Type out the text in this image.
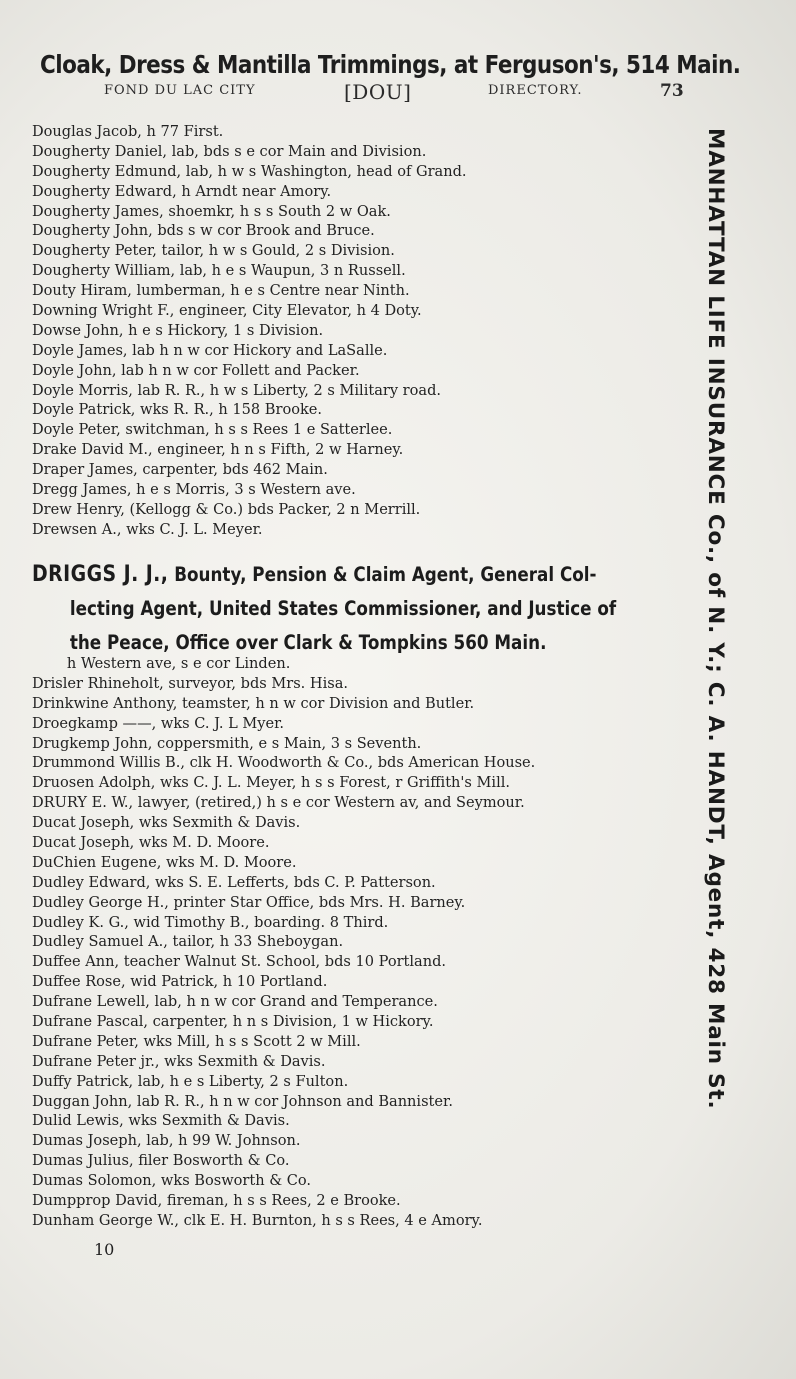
Cloak, Dress & Mantilla Trimmings, at Ferguson's, 514 Main.
FOND DU LAC CITY	[DOU]	DIRECTORY.	73
Douglas Jacob, h 77 First.
Dougherty Daniel, lab, bds s e cor Main and Division.
Dougherty Edmund, lab, h w s Washington, head of Grand.
Dougherty Edward, h Arndt near Amory.
Dougherty James, shoemkr, h s s South 2 w Oak.
Dougherty John, bds s w cor Brook and Bruce.
Dougherty Peter, tailor, h w s Gould, 2 s Division.
Dougherty William, lab, h e s Waupun, 3 n Russell.
Douty Hiram, lumberman, h e s Centre near Ninth.
Downing Wright F., engineer, City Elevator, h 4 Doty.
Dowse John, h e s Hickory, 1 s Division.
Doyle James, lab h n w cor Hickory and LaSalle.
Doyle John, lab h n w cor Follett and Packer.
Doyle Morris, lab R. R., h w s Liberty, 2 s Military road.
Doyle Patrick, wks R. R., h 158 Brooke.
Doyle Peter, switchman, h s s Rees 1 e Satterlee.
Drake David M., engineer, h n s Fifth, 2 w Harney.
Draper James, carpenter, bds 462 Main.
Dregg James, h e s Morris, 3 s Western ave.
Drew Henry, (Kellogg & Co.) bds Packer, 2 n Merrill.
Drewsen A., wks C. J. L. Meyer.
DRIGGS J. J., Bounty, Pension & Claim Agent, General Col-
lecting Agent, United States Commissioner, and Justice of
the Peace, Office over Clark & Tompkins 560 Main.
h Western ave, s e cor Linden.
Drisler Rhineholt, surveyor, bds Mrs. Hisa.
Drinkwine Anthony, teamster, h n w cor Division and Butler.
Droegkamp ——, wks C. J. L Myer.
Drugkemp John, coppersmith, e s Main, 3 s Seventh.
Drummond Willis B., clk H. Woodworth & Co., bds American House.
Druosen Adolph, wks C. J. L. Meyer, h s s Forest, r Griffith's Mill.
DRURY E. W., lawyer, (retired,) h s e cor Western av, and Seymour.
Ducat Joseph, wks Sexmith & Davis.
Ducat Joseph, wks M. D. Moore.
DuChien Eugene, wks M. D. Moore.
Dudley Edward, wks S. E. Lefferts, bds C. P. Patterson.
Dudley George H., printer Star Office, bds Mrs. H. Barney.
Dudley K. G., wid Timothy B., boarding. 8 Third.
Dudley Samuel A., tailor, h 33 Sheboygan.
Duffee Ann, teacher Walnut St. School, bds 10 Portland.
Duffee Rose, wid Patrick, h 10 Portland.
Dufrane Lewell, lab, h n w cor Grand and Temperance.
Dufrane Pascal, carpenter, h n s Division, 1 w Hickory.
Dufrane Peter, wks Mill, h s s Scott 2 w Mill.
Dufrane Peter jr., wks Sexmith & Davis.
Duffy Patrick, lab, h e s Liberty, 2 s Fulton.
Duggan John, lab R. R., h n w cor Johnson and Bannister.
Dulid Lewis, wks Sexmith & Davis.
Dumas Joseph, lab, h 99 W. Johnson.
Dumas Julius, filer Bosworth & Co.
Dumas Solomon, wks Bosworth & Co.
Dumpprop David, fireman, h s s Rees, 2 e Brooke.
Dunham George W., clk E. H. Burnton, h s s Rees, 4 e Amory.
MANHATTAN LIFE INSURANCE Co., of N. Y.; C. A. HANDT, Agent, 428 Main St.
10
